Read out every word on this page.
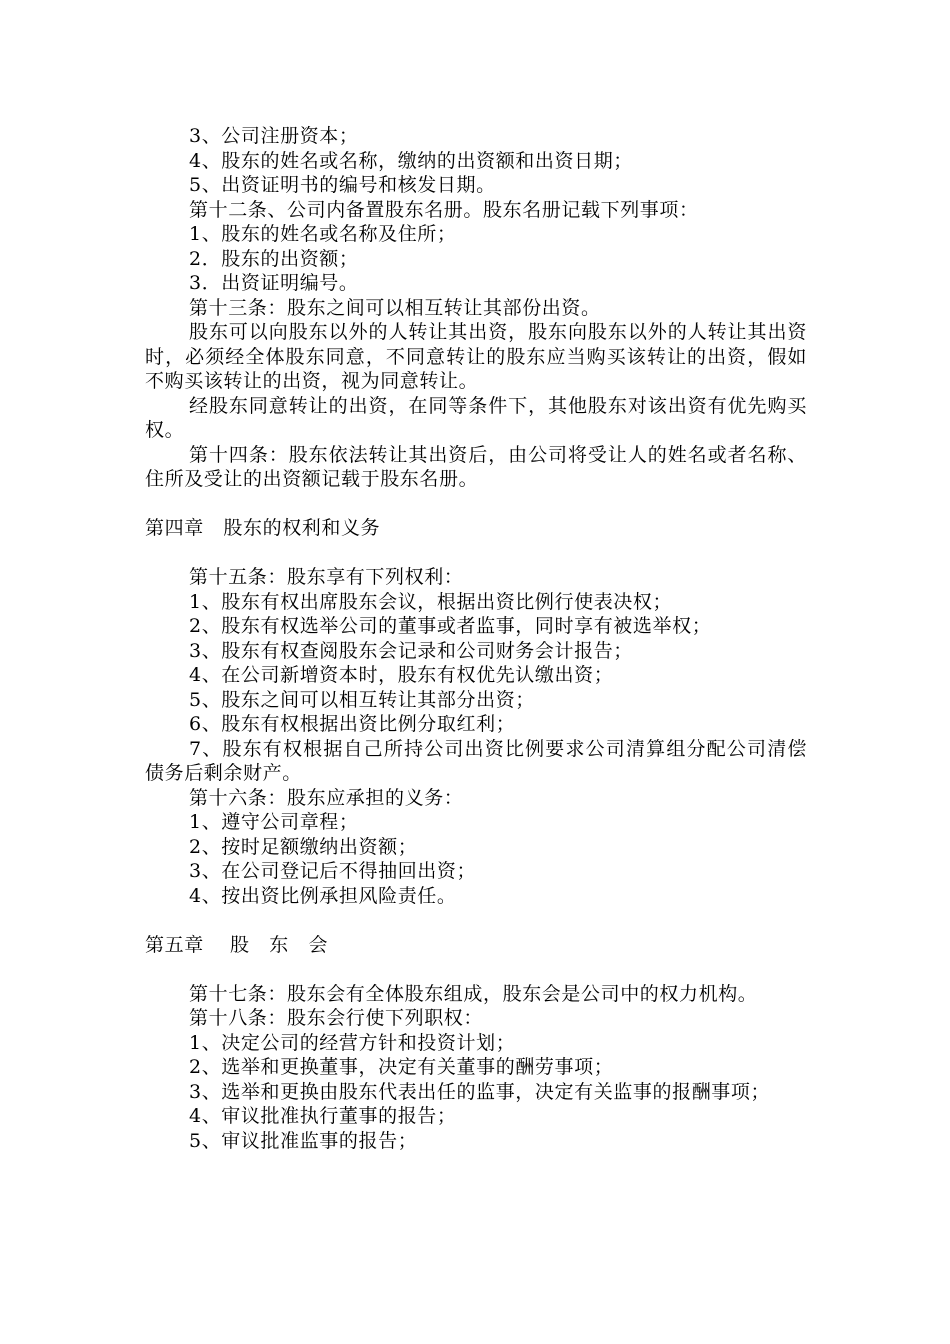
3、公司注册资本；

4、股东的姓名或名称，缴纳的出资额和出资日期；

5、出资证明书的编号和核发日期。

第十二条、公司内备置股东名册。股东名册记载下列事项：

1、股东的姓名或名称及住所；

2．股东的出资额；

3．出资证明编号。

第十三条：股东之间可以相互转让其部份出资。

股东可以向股东以外的人转让其出资，股东向股东以外的人转让其出资时，必须经全体股东同意，不同意转让的股东应当购买该转让的出资，假如不购买该转让的出资，视为同意转让。

经股东同意转让的出资，在同等条件下，其他股东对该出资有优先购买权。

第十四条：股东依法转让其出资后，由公司将受让人的姓名或者名称、住所及受让的出资额记载于股东名册。

第四章　股东的权利和义务

第十五条：股东享有下列权利：

1、股东有权出席股东会议，根据出资比例行使表决权；

2、股东有权选举公司的董事或者监事，同时享有被选举权；

3、股东有权查阅股东会记录和公司财务会计报告；

4、在公司新增资本时，股东有权优先认缴出资；

5、股东之间可以相互转让其部分出资；

6、股东有权根据出资比例分取红利；

7、股东有权根据自己所持公司出资比例要求公司清算组分配公司清偿债务后剩余财产。

第十六条：股东应承担的义务：

1、遵守公司章程；

2、按时足额缴纳出资额；

3、在公司登记后不得抽回出资；

4、按出资比例承担风险责任。

第五章　 股　东　会

第十七条：股东会有全体股东组成，股东会是公司中的权力机构。

第十八条：股东会行使下列职权：

1、决定公司的经营方针和投资计划；

2、选举和更换董事，决定有关董事的酬劳事项；

3、选举和更换由股东代表出任的监事，决定有关监事的报酬事项；

4、审议批准执行董事的报告；

5、审议批准监事的报告；
